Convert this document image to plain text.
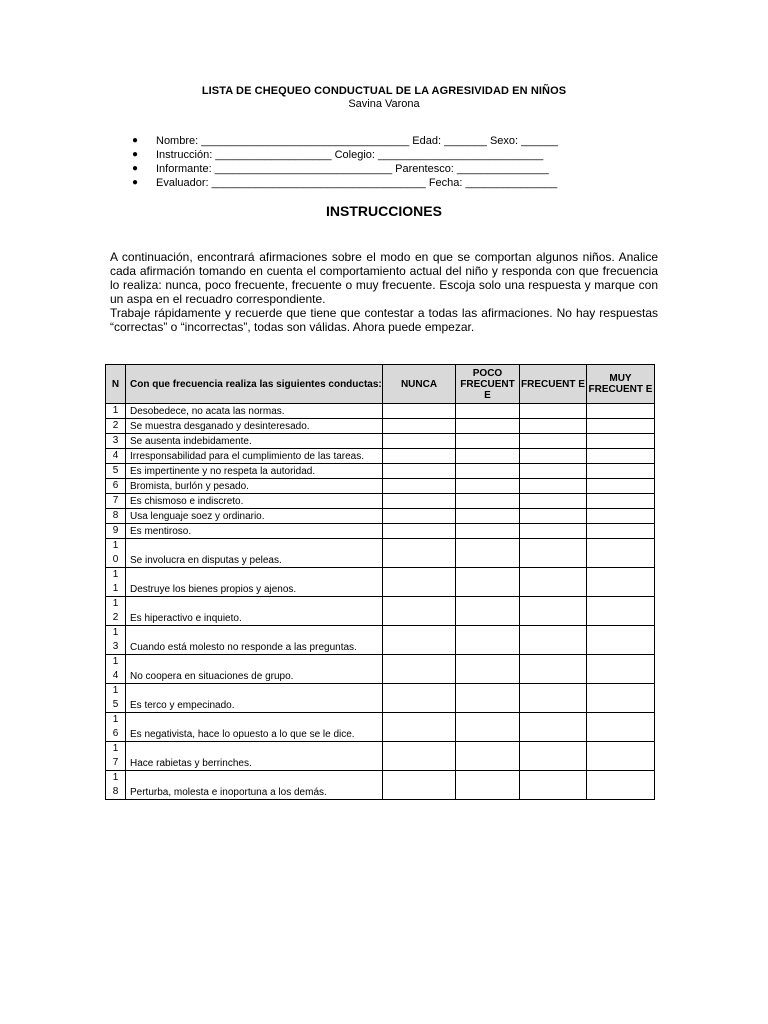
LISTA DE CHEQUEO CONDUCTUAL DE LA AGRESIVIDAD EN NIÑOS
Savina Varona
● Nombre: __________________________________ Edad: _______ Sexo: ______
● Instrucción: ___________________ Colegio: ___________________________
● Informante: _____________________________ Parentesco: _______________
● Evaluador: ___________________________________ Fecha: _______________
INSTRUCCIONES

A continuación, encontrará afirmaciones sobre el modo en que se comportan algunos niños. Analice cada afirmación tomando en cuenta el comportamiento actual del niño y responda con que frecuencia lo realiza: nunca, poco frecuente, frecuente o muy frecuente. Escoja solo una respuesta y marque con un aspa en el recuadro correspondiente.

Trabaje rápidamente y recuerde que tiene que contestar a todas las afirmaciones. No hay respuestas “correctas” o “incorrectas”, todas son válidas. Ahora puede empezar.

N	Con que frecuencia realiza las siguientes conductas:	NUNCA	POCO FRECUENT E	FRECUENT E	MUY FRECUENT E
1	Desobedece, no acata las normas.				
2	Se muestra desganado y desinteresado.				
3	Se ausenta indebidamente.				
4	Irresponsabilidad para el cumplimiento de las tareas.				
5	Es impertinente y no respeta la autoridad.				
6	Bromista, burlón y pesado.				
7	Es chismoso e indiscreto.				
8	Usa lenguaje soez y ordinario.				
9	Es mentiroso.				
10	Se involucra en disputas y peleas.				
11	Destruye los bienes propios y ajenos.				
12	Es hiperactivo e inquieto.				
13	Cuando está molesto no responde a las preguntas.				
14	No coopera en situaciones de grupo.				
15	Es terco y empecinado.				
16	Es negativista, hace lo opuesto a lo que se le dice.				
17	Hace rabietas y berrinches.				
18	Perturba, molesta e inoportuna a los demás.				
